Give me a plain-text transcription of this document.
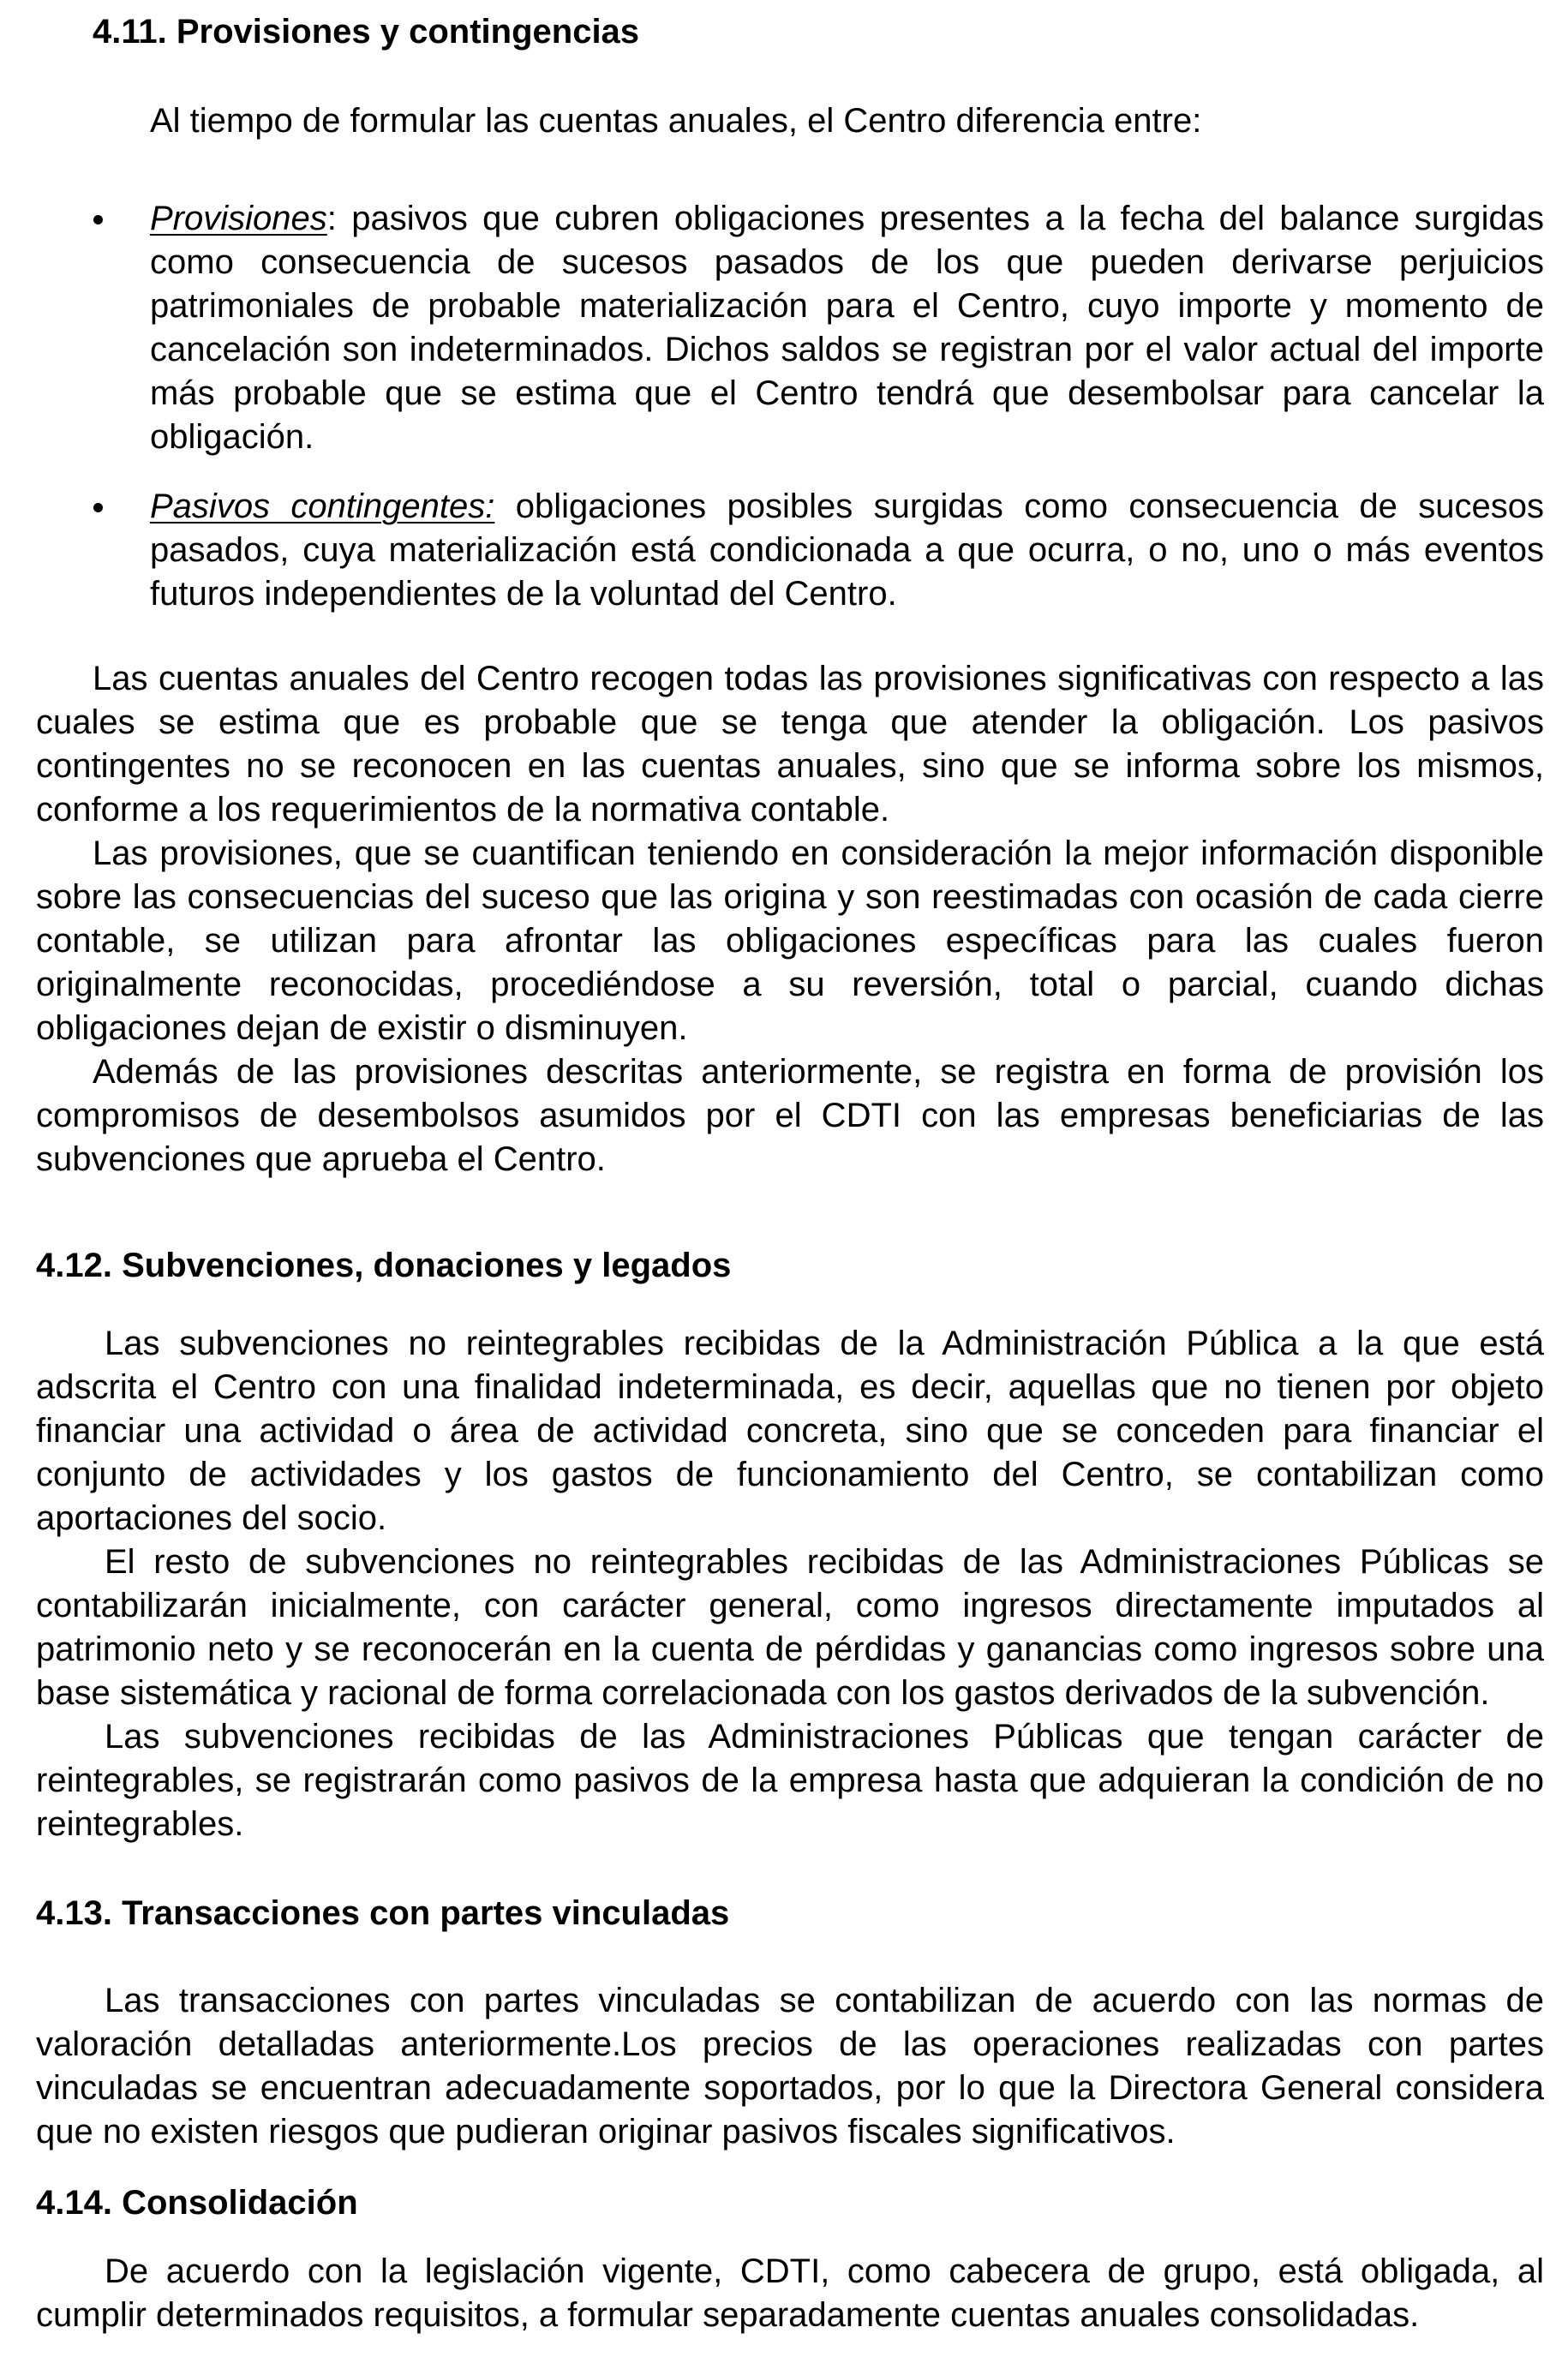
4.11. Provisiones y contingencias
Al tiempo de formular las cuentas anuales, el Centro diferencia entre:
Provisiones: pasivos que cubren obligaciones presentes a la fecha del balance surgidas
como consecuencia de sucesos pasados de los que pueden derivarse perjuicios
patrimoniales de probable materialización para el Centro, cuyo importe y momento de
cancelación son indeterminados. Dichos saldos se registran por el valor actual del importe
más probable que se estima que el Centro tendrá que desembolsar para cancelar la
obligación.
Pasivos contingentes: obligaciones posibles surgidas como consecuencia de sucesos
pasados, cuya materialización está condicionada a que ocurra, o no, uno o más eventos
futuros independientes de la voluntad del Centro.
Las cuentas anuales del Centro recogen todas las provisiones significativas con respecto a las
cuales se estima que es probable que se tenga que atender la obligación. Los pasivos
contingentes no se reconocen en las cuentas anuales, sino que se informa sobre los mismos,
conforme a los requerimientos de la normativa contable.
Las provisiones, que se cuantifican teniendo en consideración la mejor información disponible
sobre las consecuencias del suceso que las origina y son reestimadas con ocasión de cada cierre
contable, se utilizan para afrontar las obligaciones específicas para las cuales fueron
originalmente reconocidas, procediéndose a su reversión, total o parcial, cuando dichas
obligaciones dejan de existir o disminuyen.
Además de las provisiones descritas anteriormente, se registra en forma de provisión los
compromisos de desembolsos asumidos por el CDTI con las empresas beneficiarias de las
subvenciones que aprueba el Centro.
4.12. Subvenciones, donaciones y legados
Las subvenciones no reintegrables recibidas de la Administración Pública a la que está
adscrita el Centro con una finalidad indeterminada, es decir, aquellas que no tienen por objeto
financiar una actividad o área de actividad concreta, sino que se conceden para financiar el
conjunto de actividades y los gastos de funcionamiento del Centro, se contabilizan como
aportaciones del socio.
El resto de subvenciones no reintegrables recibidas de las Administraciones Públicas se
contabilizarán inicialmente, con carácter general, como ingresos directamente imputados al
patrimonio neto y se reconocerán en la cuenta de pérdidas y ganancias como ingresos sobre una
base sistemática y racional de forma correlacionada con los gastos derivados de la subvención.
Las subvenciones recibidas de las Administraciones Públicas que tengan carácter de
reintegrables, se registrarán como pasivos de la empresa hasta que adquieran la condición de no
reintegrables.
4.13. Transacciones con partes vinculadas
Las transacciones con partes vinculadas se contabilizan de acuerdo con las normas de
valoración detalladas anteriormente.Los precios de las operaciones realizadas con partes
vinculadas se encuentran adecuadamente soportados, por lo que la Directora General considera
que no existen riesgos que pudieran originar pasivos fiscales significativos.
4.14. Consolidación
De acuerdo con la legislación vigente, CDTI, como cabecera de grupo, está obligada, al
cumplir determinados requisitos, a formular separadamente cuentas anuales consolidadas.
